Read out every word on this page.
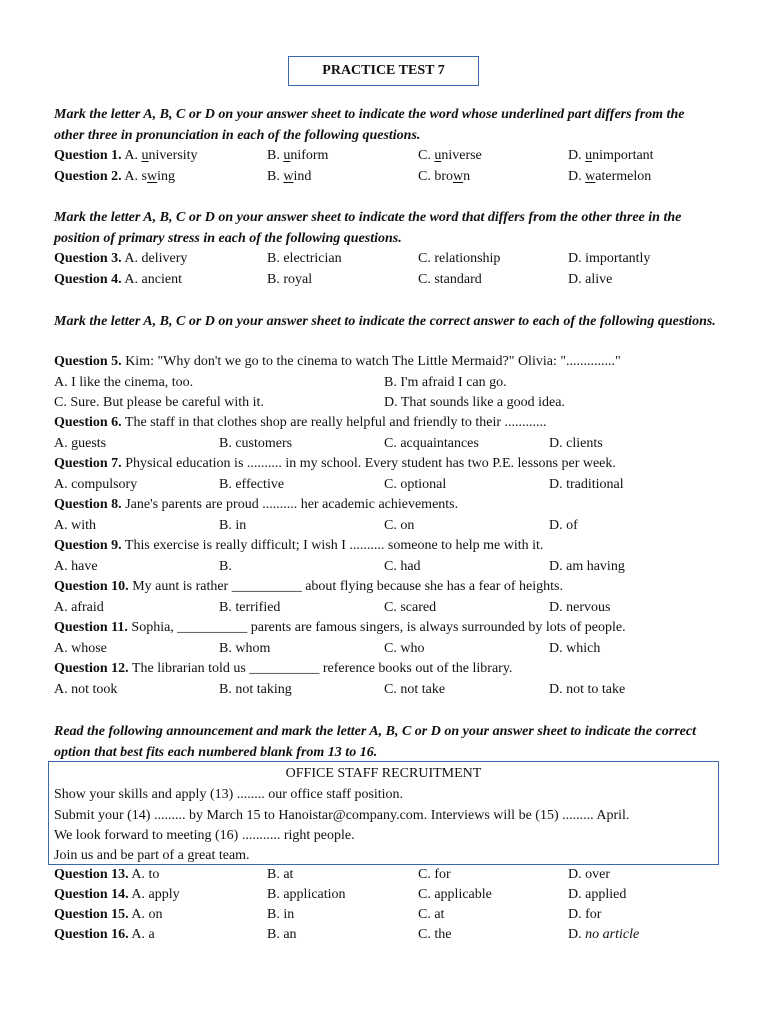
PRACTICE TEST 7
Mark the letter A, B, C or D on your answer sheet to indicate the word whose underlined part differs from the other three in pronunciation in each of the following questions.
Question 1. A. university	B. uniform	C. universe	D. unimportant
Question 2. A. swing	B. wind	C. brown	D. watermelon
Mark the letter A, B, C or D on your answer sheet to indicate the word that differs from the other three in the position of primary stress in each of the following questions.
Question 3. A. delivery	B. electrician	C. relationship	D. importantly
Question 4. A. ancient	B. royal	C. standard	D. alive
Mark the letter A, B, C or D on your answer sheet to indicate the correct answer to each of the following questions.
Question 5. Kim: "Why don't we go to the cinema to watch The Little Mermaid?" Olivia: ".............."
A. I like the cinema, too.	B. I'm afraid I can go.
C. Sure. But please be careful with it.	D. That sounds like a good idea.
Question 6. The staff in that clothes shop are really helpful and friendly to their ............
A. guests	B. customers	C. acquaintances	D. clients
Question 7. Physical education is .......... in my school. Every student has two P.E. lessons per week.
A. compulsory	B. effective	C. optional	D. traditional
Question 8. Jane's parents are proud .......... her academic achievements.
A. with	B. in	C. on	D. of
Question 9. This exercise is really difficult; I wish I .......... someone to help me with it.
A. have	B.	C. had	D. am having
Question 10. My aunt is rather __________ about flying because she has a fear of heights.
A. afraid	B. terrified	C. scared	D. nervous
Question 11. Sophia, __________ parents are famous singers, is always surrounded by lots of people.
A. whose	B. whom	C. who	D. which
Question 12. The librarian told us __________ reference books out of the library.
A. not took	B. not taking	C. not take	D. not to take
Read the following announcement and mark the letter A, B, C or D on your answer sheet to indicate the correct option that best fits each numbered blank from 13 to 16.
OFFICE STAFF RECRUITMENT
Show your skills and apply (13) ........ our office staff position.
Submit your (14) ......... by March 15 to Hanoistar@company.com. Interviews will be (15) ......... April.
We look forward to meeting (16) ........... right people.
Join us and be part of a great team.
Question 13. A. to	B. at	C. for	D. over
Question 14. A. apply	B. application	C. applicable	D. applied
Question 15. A. on	B. in	C. at	D. for
Question 16. A. a	B. an	C. the	D. no article
